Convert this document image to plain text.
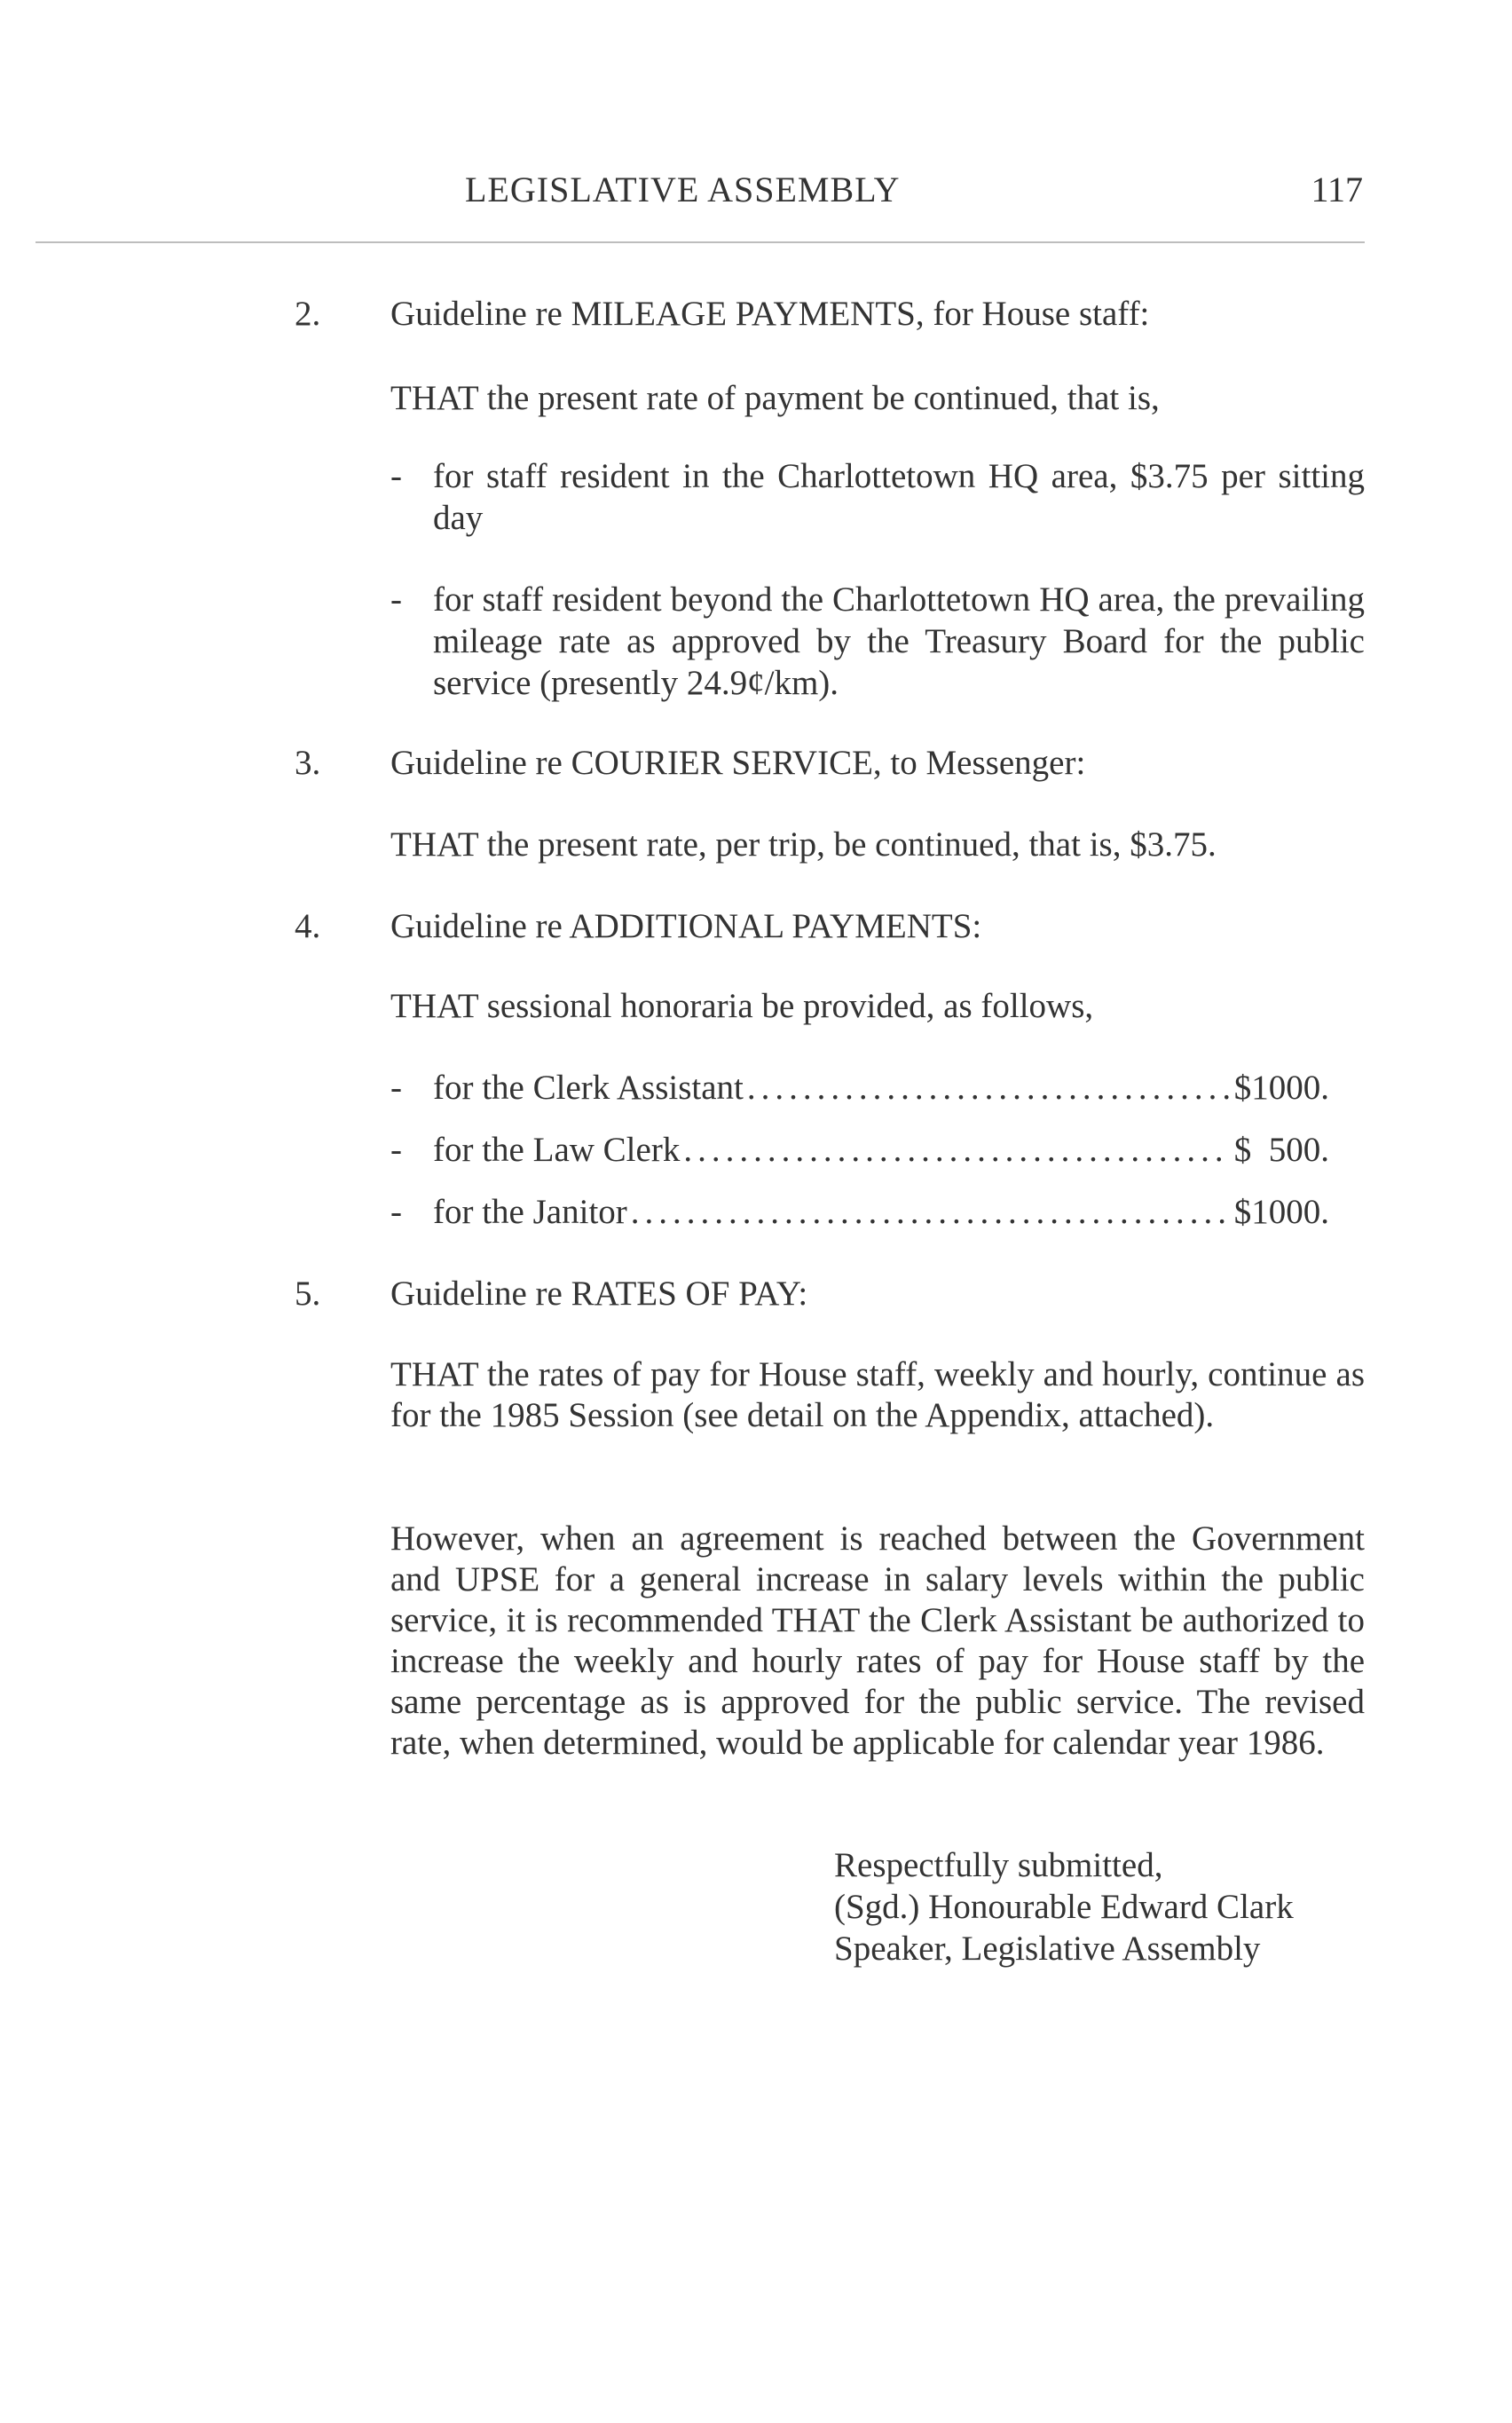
LEGISLATIVE ASSEMBLY	117
2. Guideline re MILEAGE PAYMENTS, for House staff:
THAT the present rate of payment be continued, that is,
- for staff resident in the Charlottetown HQ area, $3.75 per sitting day
- for staff resident beyond the Charlottetown HQ area, the prevailing mileage rate as approved by the Treasury Board for the public service (presently 24.9¢/km).
3. Guideline re COURIER SERVICE, to Messenger:
THAT the present rate, per trip, be continued, that is, $3.75.
4. Guideline re ADDITIONAL PAYMENTS:
THAT sessional honoraria be provided, as follows,
- for the Clerk Assistant .....	$1000.
- for the Law Clerk .....	$  500.
- for the Janitor .....	$1000.
5. Guideline re RATES OF PAY:
THAT the rates of pay for House staff, weekly and hourly, continue as for the 1985 Session (see detail on the Appendix, attached).
However, when an agreement is reached between the Government and UPSE for a general increase in salary levels within the public service, it is recommended THAT the Clerk Assistant be authorized to increase the weekly and hourly rates of pay for House staff by the same percentage as is approved for the public service. The revised rate, when determined, would be applicable for calendar year 1986.
Respectfully submitted,
(Sgd.) Honourable Edward Clark
Speaker, Legislative Assembly
